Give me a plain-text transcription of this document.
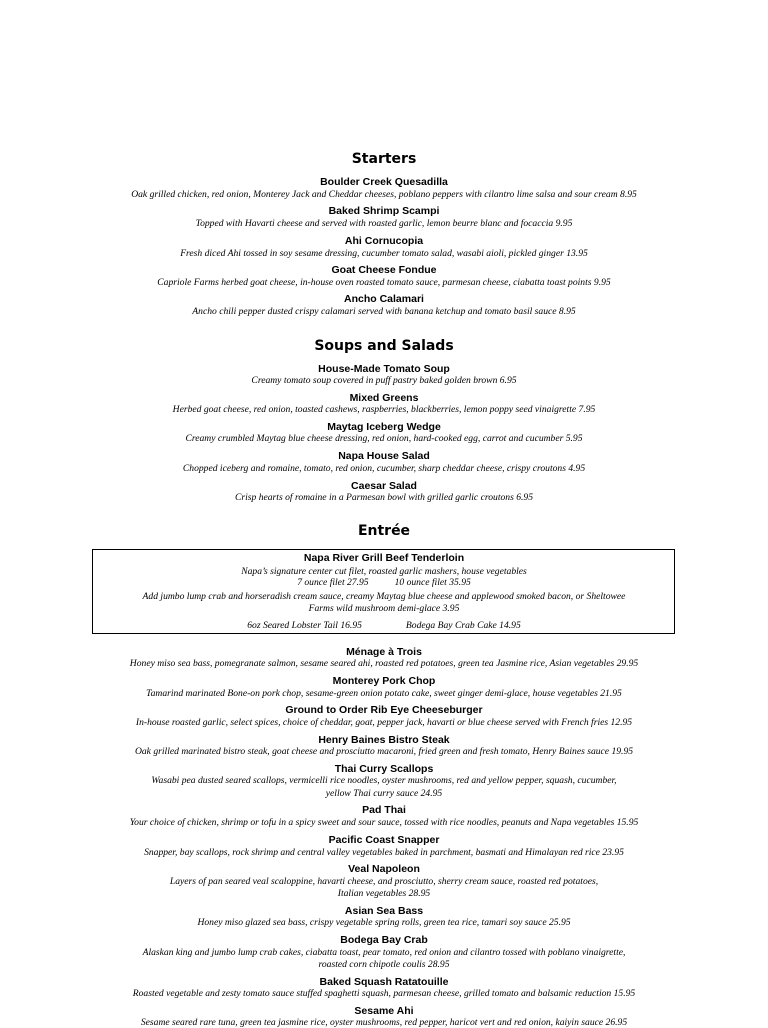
Starters
Boulder Creek Quesadilla
Oak grilled chicken, red onion, Monterey Jack and Cheddar cheeses, poblano peppers with cilantro lime salsa and sour cream 8.95
Baked Shrimp Scampi
Topped with Havarti cheese and served with roasted garlic, lemon beurre blanc and focaccia 9.95
Ahi Cornucopia
Fresh diced Ahi tossed in soy sesame dressing, cucumber tomato salad, wasabi aioli, pickled ginger 13.95
Goat Cheese Fondue
Capriole Farms herbed goat cheese, in-house oven roasted tomato sauce, parmesan cheese, ciabatta toast points 9.95
Ancho Calamari
Ancho chili pepper dusted crispy calamari served with banana ketchup and tomato basil sauce 8.95
Soups and Salads
House-Made Tomato Soup
Creamy tomato soup covered in puff pastry baked golden brown 6.95
Mixed Greens
Herbed goat cheese, red onion, toasted cashews, raspberries, blackberries, lemon poppy seed vinaigrette 7.95
Maytag Iceberg Wedge
Creamy crumbled Maytag blue cheese dressing, red onion, hard-cooked egg, carrot and cucumber 5.95
Napa House Salad
Chopped iceberg and romaine, tomato, red onion, cucumber, sharp cheddar cheese, crispy croutons 4.95
Caesar Salad
Crisp hearts of romaine in a Parmesan bowl with grilled garlic croutons 6.95
Entrée
Napa River Grill Beef Tenderloin
Napa’s signature center cut filet, roasted garlic mashers, house vegetables
7 ounce filet 27.95	10 ounce filet 35.95
Add jumbo lump crab and horseradish cream sauce, creamy Maytag blue cheese and applewood smoked bacon, or Sheltowee
Farms wild mushroom demi-glace 3.95
6oz Seared Lobster Tail 16.95	Bodega Bay Crab Cake 14.95
Ménage à Trois
Honey miso sea bass, pomegranate salmon, sesame seared ahi, roasted red potatoes, green tea Jasmine rice, Asian vegetables 29.95
Monterey Pork Chop
Tamarind marinated Bone-on pork chop, sesame-green onion potato cake, sweet ginger demi-glace, house vegetables 21.95
Ground to Order Rib Eye Cheeseburger
In-house roasted garlic, select spices, choice of cheddar, goat, pepper jack, havarti or blue cheese served with French fries 12.95
Henry Baines Bistro Steak
Oak grilled marinated bistro steak, goat cheese and prosciutto macaroni, fried green and fresh tomato, Henry Baines sauce 19.95
Thai Curry Scallops
Wasabi pea dusted seared scallops, vermicelli rice noodles, oyster mushrooms, red and yellow pepper, squash, cucumber,
yellow Thai curry sauce 24.95
Pad Thai
Your choice of chicken, shrimp or tofu in a spicy sweet and sour sauce, tossed with rice noodles, peanuts and Napa vegetables 15.95
Pacific Coast Snapper
Snapper, bay scallops, rock shrimp and central valley vegetables baked in parchment, basmati and Himalayan red rice 23.95
Veal Napoleon
Layers of pan seared veal scaloppine, havarti cheese, and prosciutto, sherry cream sauce, roasted red potatoes,
Italian vegetables 28.95
Asian Sea Bass
Honey miso glazed sea bass, crispy vegetable spring rolls, green tea rice, tamari soy sauce 25.95
Bodega Bay Crab
Alaskan king and jumbo lump crab cakes, ciabatta toast, pear tomato, red onion and cilantro tossed with poblano vinaigrette,
roasted corn chipotle coulis 28.95
Baked Squash Ratatouille
Roasted vegetable and zesty tomato sauce stuffed spaghetti squash, parmesan cheese, grilled tomato and balsamic reduction 15.95
Sesame Ahi
Sesame seared rare tuna, green tea jasmine rice, oyster mushrooms, red pepper, haricot vert and red onion, kaiyin sauce 26.95
